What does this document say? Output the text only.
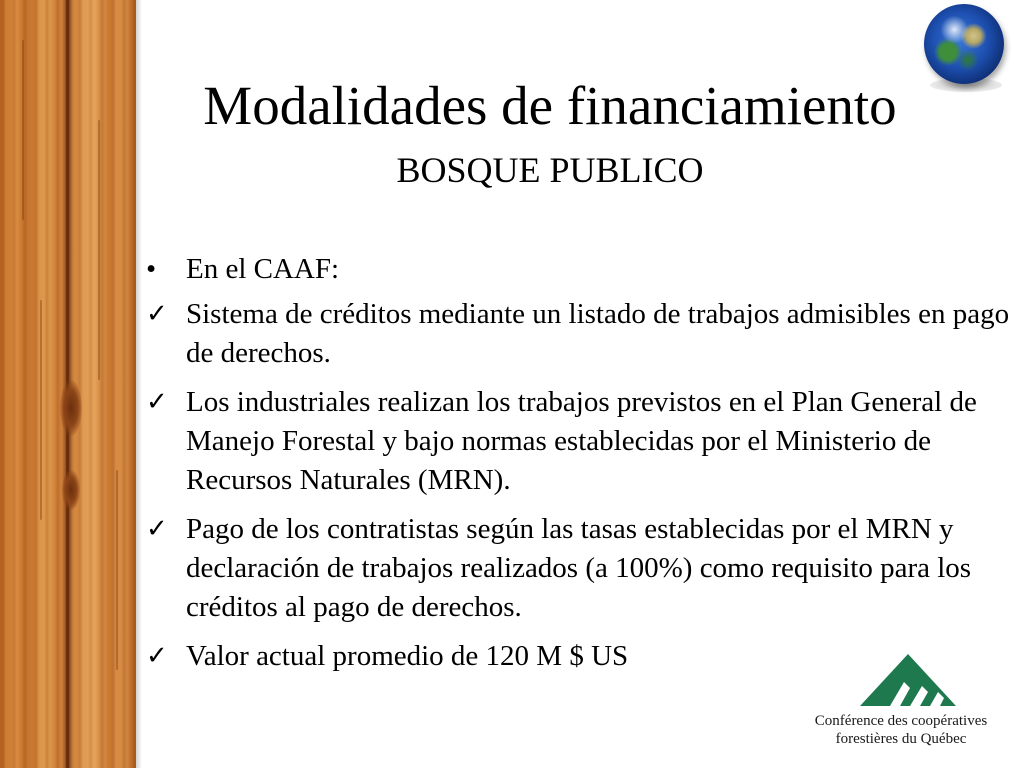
Modalidades de financiamiento
BOSQUE PUBLICO
•	En el CAAF:
✓ Sistema de créditos mediante un listado de trabajos admisibles en pago de derechos.
✓ Los industriales realizan los trabajos previstos en el Plan General de Manejo Forestal y bajo normas establecidas por el Ministerio de Recursos Naturales (MRN).
✓ Pago de los contratistas según las tasas establecidas por el MRN y declaración de trabajos realizados (a 100%) como requisito para los créditos al pago de derechos.
✓ Valor actual promedio de 120 M $ US
Conférence des coopératives
forestières du Québec
